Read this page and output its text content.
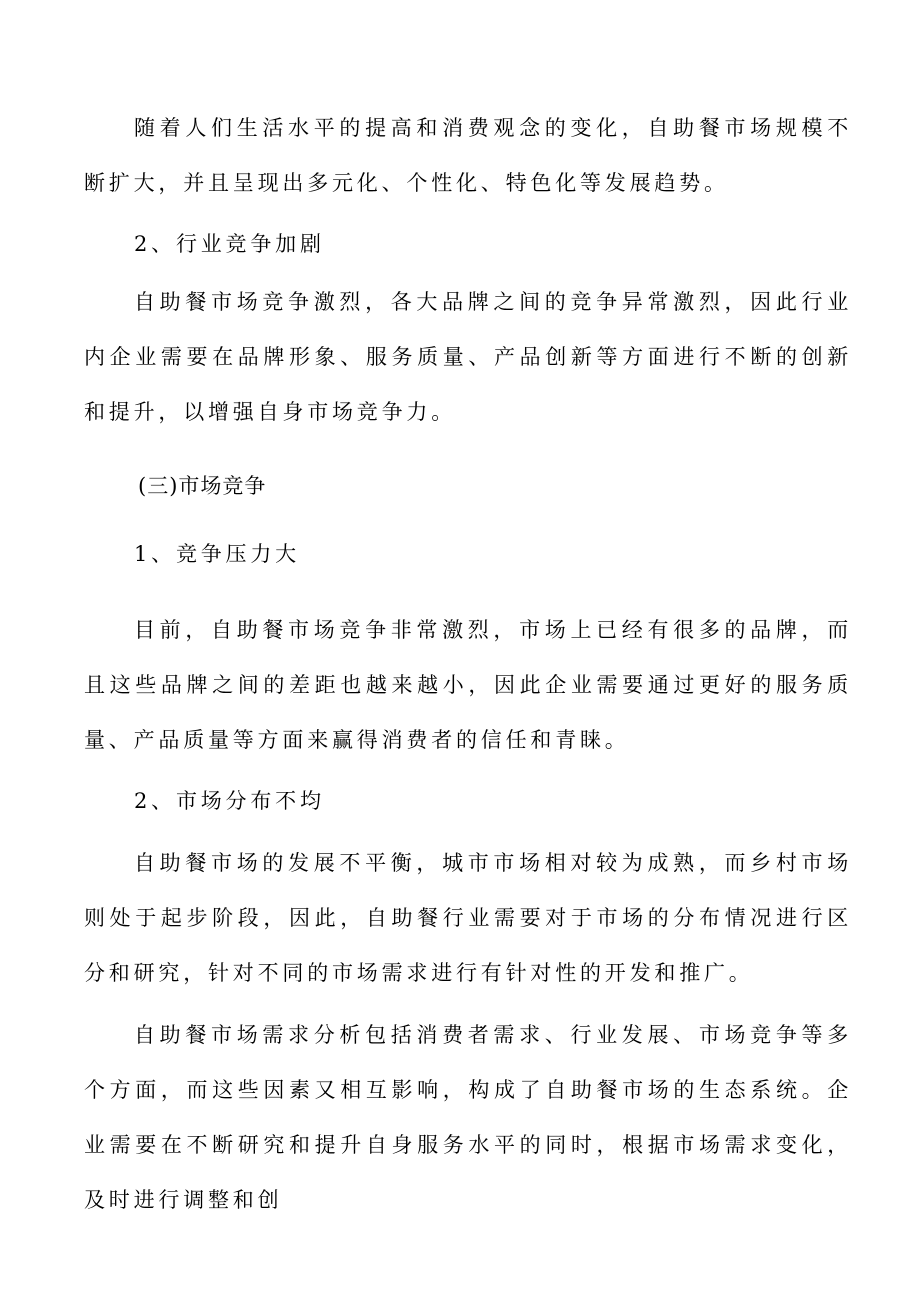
随着人们生活水平的提高和消费观念的变化，自助餐市场规模不断扩大，并且呈现出多元化、个性化、特色化等发展趋势。

2、行业竞争加剧

自助餐市场竞争激烈，各大品牌之间的竞争异常激烈，因此行业内企业需要在品牌形象、服务质量、产品创新等方面进行不断的创新和提升，以增强自身市场竞争力。

(三)市场竞争

1、竞争压力大

目前，自助餐市场竞争非常激烈，市场上已经有很多的品牌，而且这些品牌之间的差距也越来越小，因此企业需要通过更好的服务质量、产品质量等方面来赢得消费者的信任和青睐。

2、市场分布不均

自助餐市场的发展不平衡，城市市场相对较为成熟，而乡村市场则处于起步阶段，因此，自助餐行业需要对于市场的分布情况进行区分和研究，针对不同的市场需求进行有针对性的开发和推广。

自助餐市场需求分析包括消费者需求、行业发展、市场竞争等多个方面，而这些因素又相互影响，构成了自助餐市场的生态系统。企业需要在不断研究和提升自身服务水平的同时，根据市场需求变化，及时进行调整和创
